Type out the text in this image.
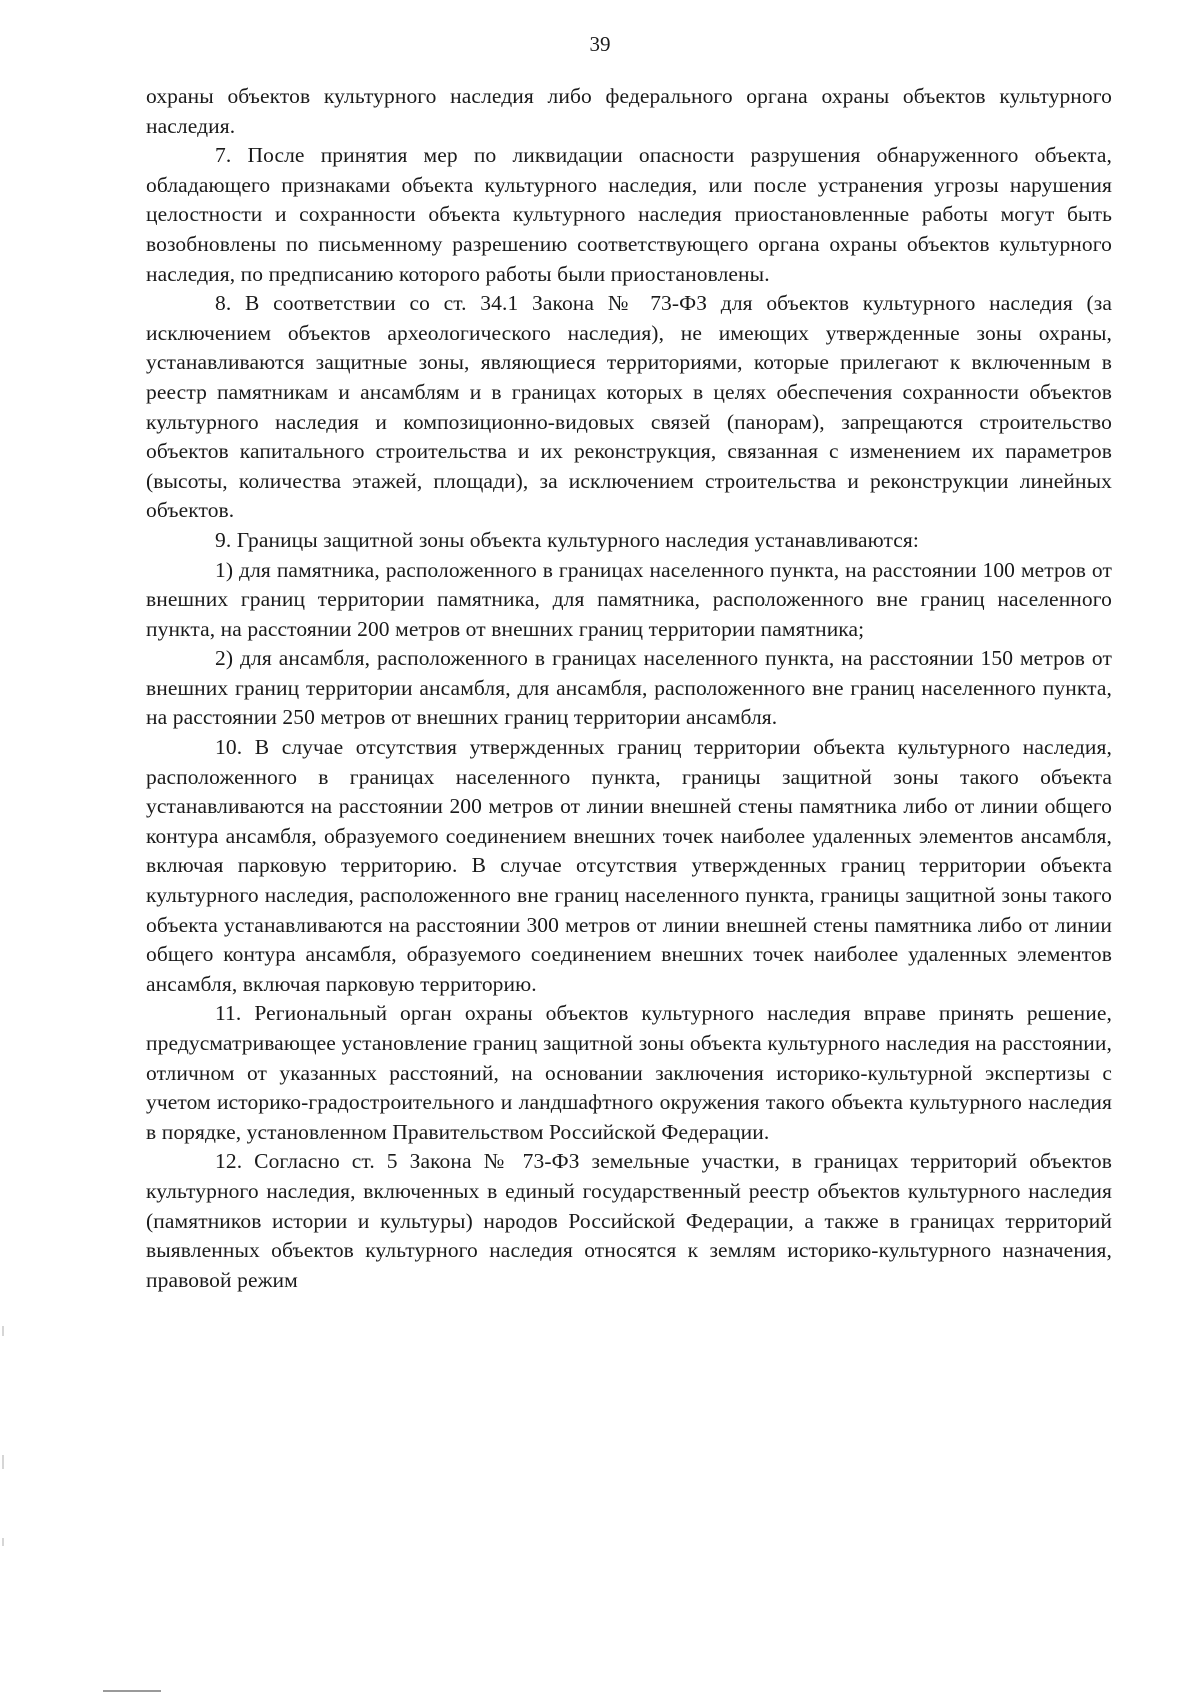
39

охраны объектов культурного наследия либо федерального органа охраны объектов культурного наследия.

7. После принятия мер по ликвидации опасности разрушения обнаруженного объекта, обладающего признаками объекта культурного наследия, или после устранения угрозы нарушения целостности и сохранности объекта культурного наследия приостановленные работы могут быть возобновлены по письменному разрешению соответствующего органа охраны объектов культурного наследия, по предписанию которого работы были приостановлены.

8. В соответствии со ст. 34.1 Закона № 73-ФЗ для объектов культурного наследия (за исключением объектов археологического наследия), не имеющих утвержденные зоны охраны, устанавливаются защитные зоны, являющиеся территориями, которые прилегают к включенным в реестр памятникам и ансамблям и в границах которых в целях обеспечения сохранности объектов культурного наследия и композиционно-видовых связей (панорам), запрещаются строительство объектов капитального строительства и их реконструкция, связанная с изменением их параметров (высоты, количества этажей, площади), за исключением строительства и реконструкции линейных объектов.

9. Границы защитной зоны объекта культурного наследия устанавливаются:

1) для памятника, расположенного в границах населенного пункта, на расстоянии 100 метров от внешних границ территории памятника, для памятника, расположенного вне границ населенного пункта, на расстоянии 200 метров от внешних границ территории памятника;

2) для ансамбля, расположенного в границах населенного пункта, на расстоянии 150 метров от внешних границ территории ансамбля, для ансамбля, расположенного вне границ населенного пункта, на расстоянии 250 метров от внешних границ территории ансамбля.

10. В случае отсутствия утвержденных границ территории объекта культурного наследия, расположенного в границах населенного пункта, границы защитной зоны такого объекта устанавливаются на расстоянии 200 метров от линии внешней стены памятника либо от линии общего контура ансамбля, образуемого соединением внешних точек наиболее удаленных элементов ансамбля, включая парковую территорию. В случае отсутствия утвержденных границ территории объекта культурного наследия, расположенного вне границ населенного пункта, границы защитной зоны такого объекта устанавливаются на расстоянии 300 метров от линии внешней стены памятника либо от линии общего контура ансамбля, образуемого соединением внешних точек наиболее удаленных элементов ансамбля, включая парковую территорию.

11. Региональный орган охраны объектов культурного наследия вправе принять решение, предусматривающее установление границ защитной зоны объекта культурного наследия на расстоянии, отличном от указанных расстояний, на основании заключения историко-культурной экспертизы с учетом историко-градостроительного и ландшафтного окружения такого объекта культурного наследия в порядке, установленном Правительством Российской Федерации.

12. Согласно ст. 5 Закона № 73-ФЗ земельные участки, в границах территорий объектов культурного наследия, включенных в единый государственный реестр объектов культурного наследия (памятников истории и культуры) народов Российской Федерации, а также в границах территорий выявленных объектов культурного наследия относятся к землям историко-культурного назначения, правовой режим
